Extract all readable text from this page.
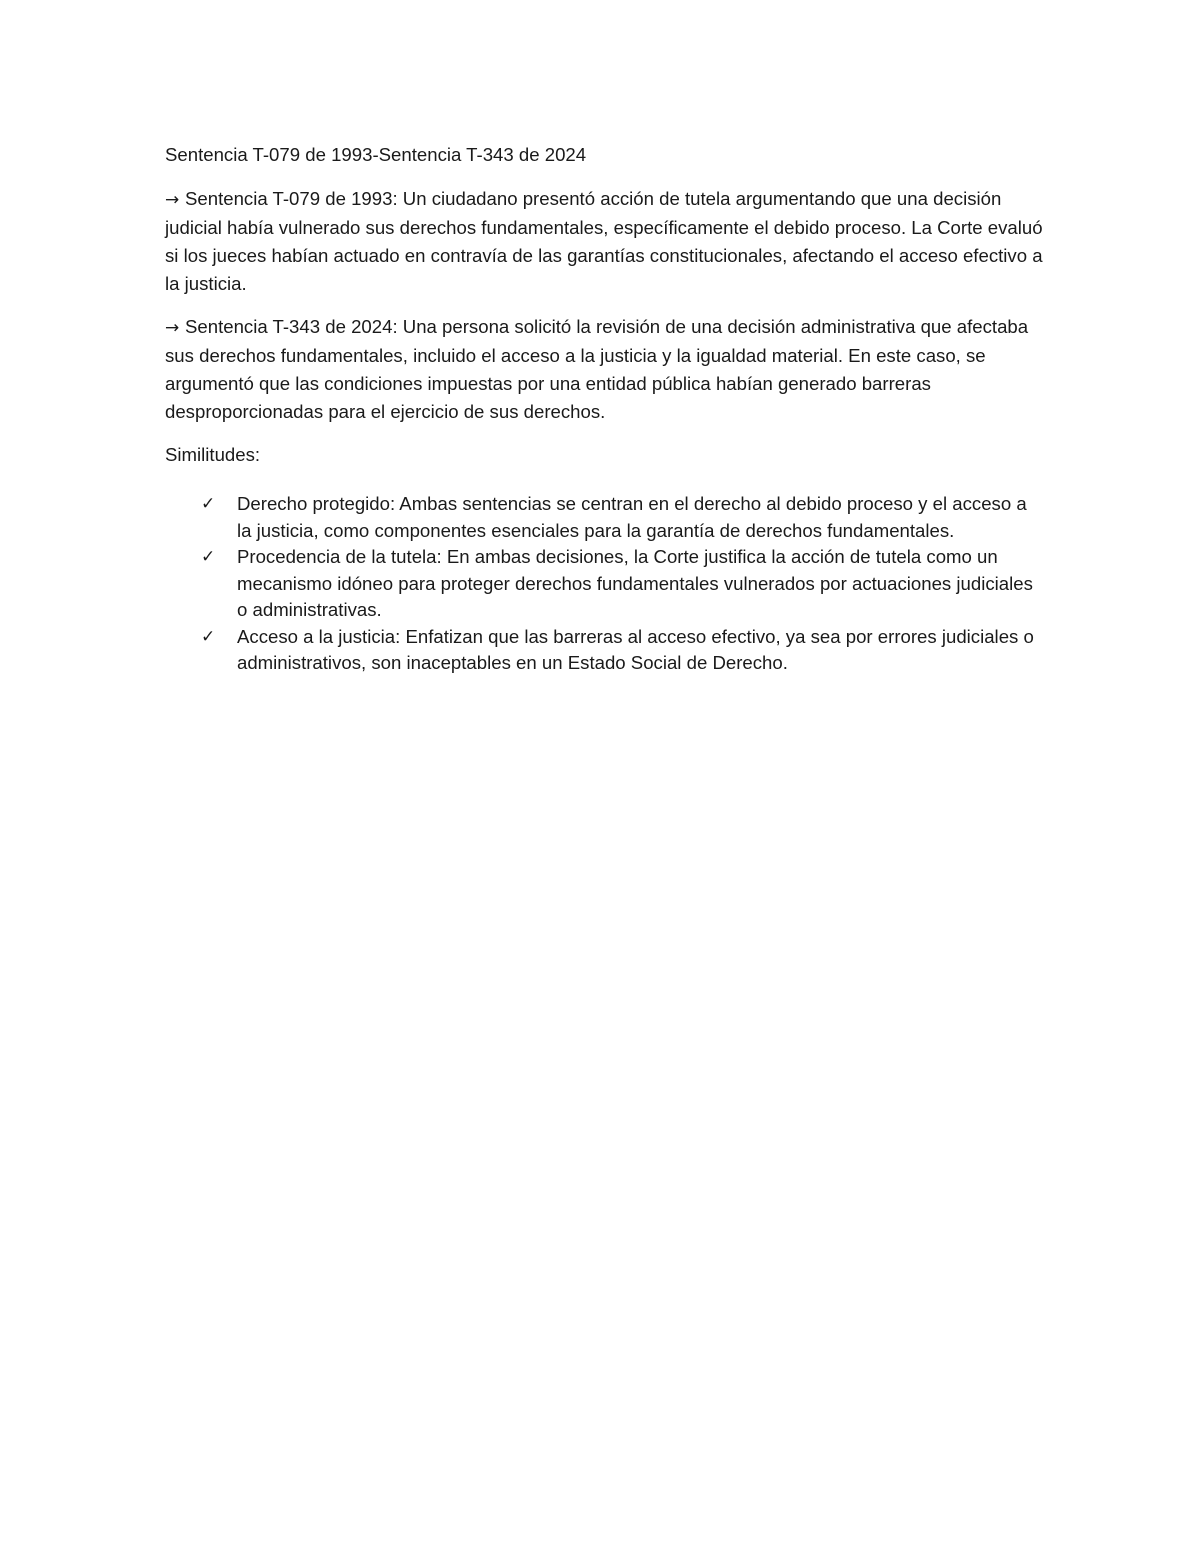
Sentencia T-079 de 1993-Sentencia T-343 de 2024

→ Sentencia T-079 de 1993: Un ciudadano presentó acción de tutela argumentando que una decisión judicial había vulnerado sus derechos fundamentales, específicamente el debido proceso. La Corte evaluó si los jueces habían actuado en contravía de las garantías constitucionales, afectando el acceso efectivo a la justicia.

→ Sentencia T-343 de 2024: Una persona solicitó la revisión de una decisión administrativa que afectaba sus derechos fundamentales, incluido el acceso a la justicia y la igualdad material. En este caso, se argumentó que las condiciones impuestas por una entidad pública habían generado barreras desproporcionadas para el ejercicio de sus derechos.

Similitudes:

✓ Derecho protegido: Ambas sentencias se centran en el derecho al debido proceso y el acceso a la justicia, como componentes esenciales para la garantía de derechos fundamentales.
✓ Procedencia de la tutela: En ambas decisiones, la Corte justifica la acción de tutela como un mecanismo idóneo para proteger derechos fundamentales vulnerados por actuaciones judiciales o administrativas.
✓ Acceso a la justicia: Enfatizan que las barreras al acceso efectivo, ya sea por errores judiciales o administrativos, son inaceptables en un Estado Social de Derecho.
